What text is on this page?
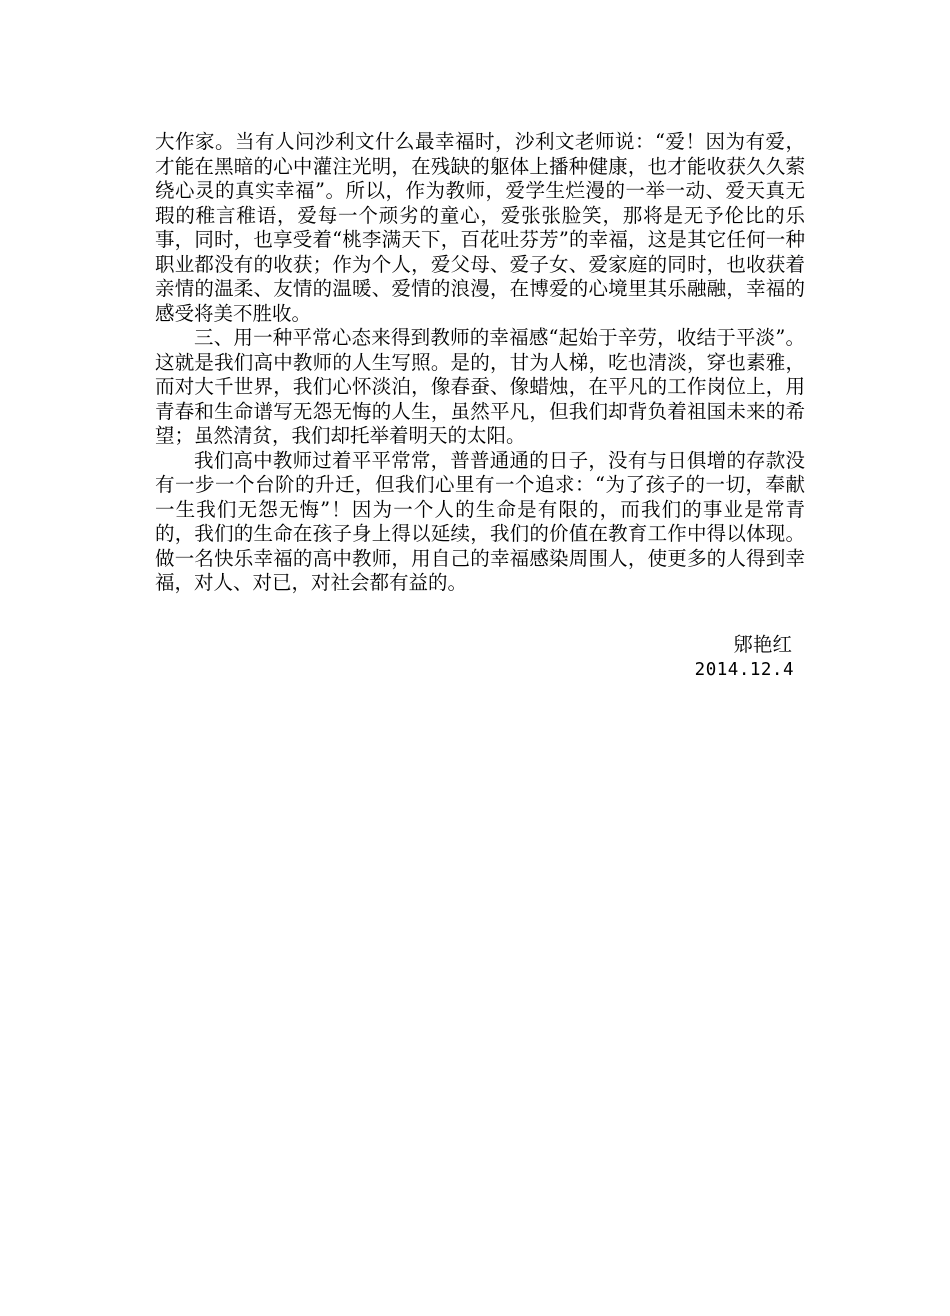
大作家。当有人问沙利文什么最幸福时，沙利文老师说：“爱！因为有爱，才能在黑暗的心中灌注光明，在残缺的躯体上播种健康，也才能收获久久萦绕心灵的真实幸福”。所以，作为教师，爱学生烂漫的一举一动、爱天真无瑕的稚言稚语，爱每一个顽劣的童心，爱张张脸笑，那将是无予伦比的乐事，同时，也享受着“桃李满天下，百花吐芬芳”的幸福，这是其它任何一种职业都没有的收获；作为个人，爱父母、爱子女、爱家庭的同时，也收获着亲情的温柔、友情的温暖、爱情的浪漫，在博爱的心境里其乐融融，幸福的感受将美不胜收。

三、用一种平常心态来得到教师的幸福感“起始于辛劳，收结于平淡”。这就是我们高中教师的人生写照。是的，甘为人梯，吃也清淡，穿也素雅，而对大千世界，我们心怀淡泊，像春蚕、像蜡烛，在平凡的工作岗位上，用青春和生命谱写无怨无悔的人生，虽然平凡，但我们却背负着祖国未来的希望；虽然清贫，我们却托举着明天的太阳。

我们高中教师过着平平常常，普普通通的日子，没有与日俱增的存款没有一步一个台阶的升迁，但我们心里有一个追求：“为了孩子的一切，奉献一生我们无怨无悔”！因为一个人的生命是有限的，而我们的事业是常青的，我们的生命在孩子身上得以延续，我们的价值在教育工作中得以体现。做一名快乐幸福的高中教师，用自己的幸福感染周围人，使更多的人得到幸福，对人、对已，对社会都有益的。

郳艳红
2014.12.4
